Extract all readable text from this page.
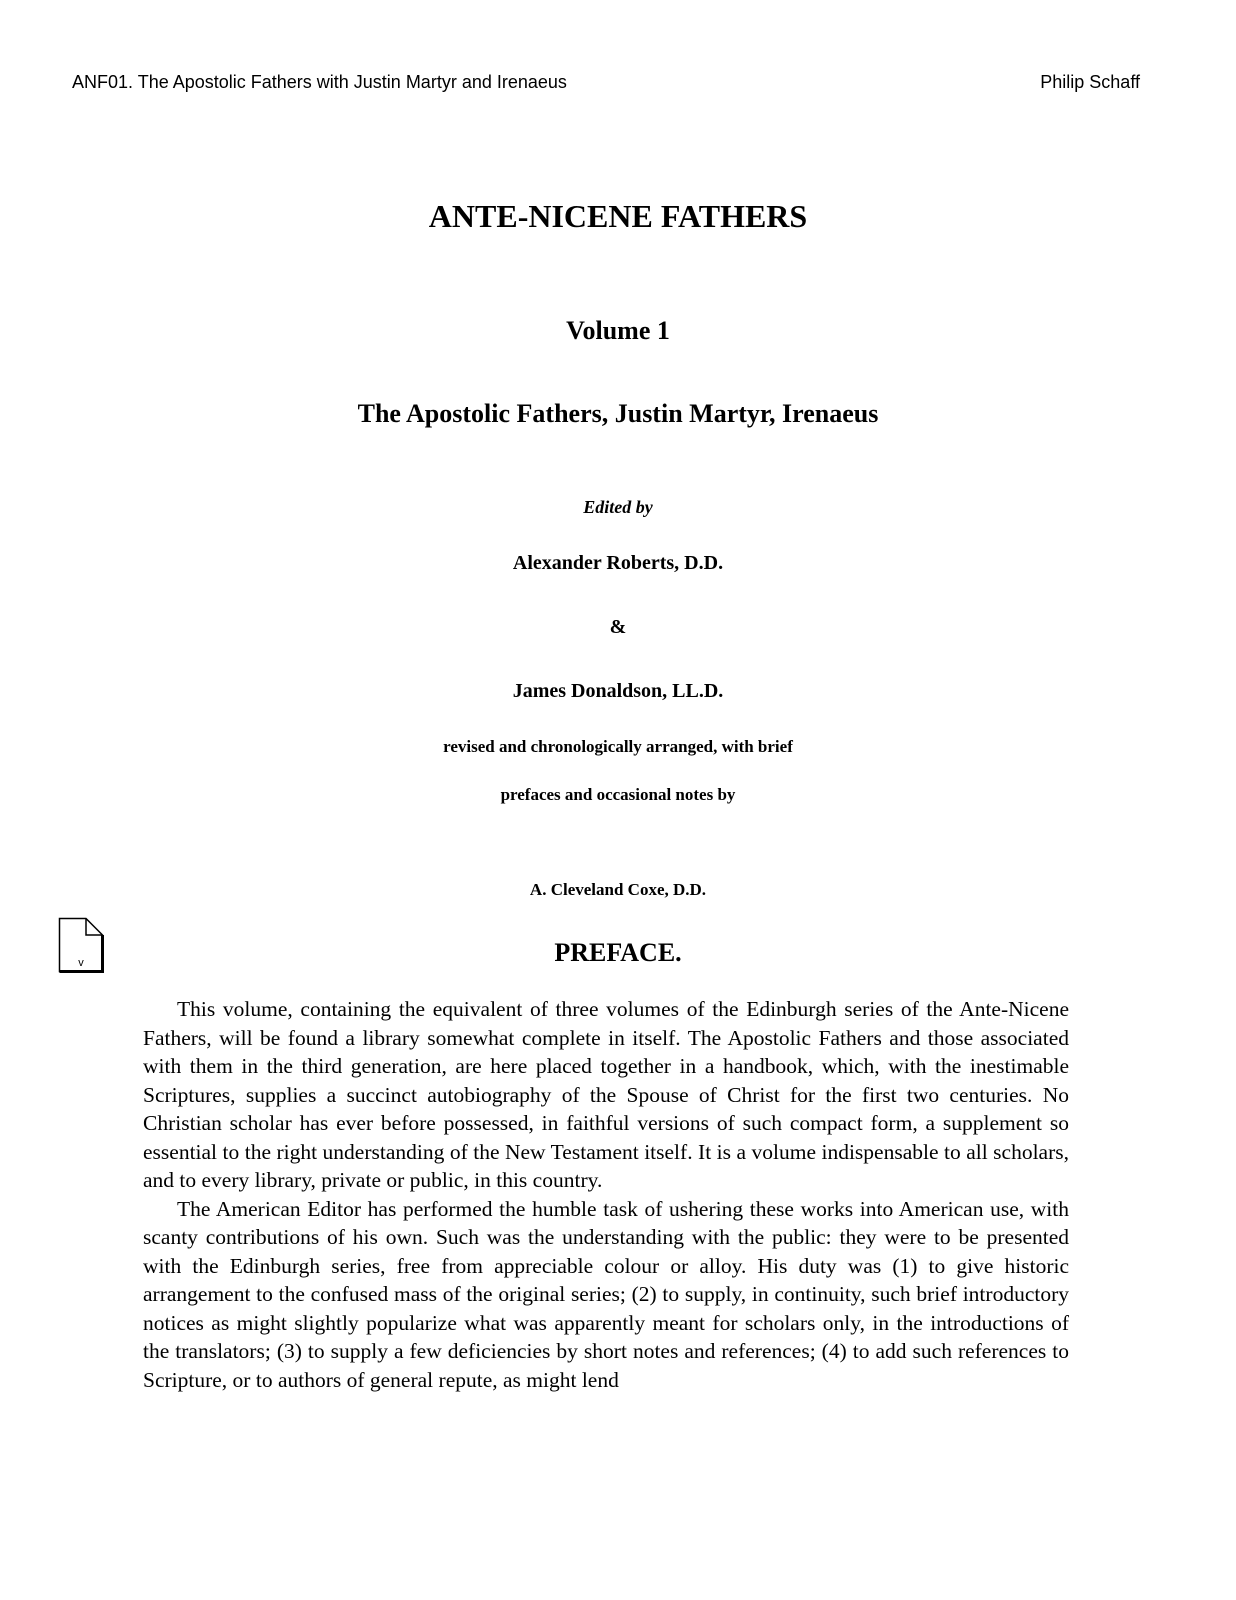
ANF01. The Apostolic Fathers with Justin Martyr and Irenaeus	Philip Schaff
ANTE-NICENE FATHERS
Volume 1
The Apostolic Fathers, Justin Martyr, Irenaeus
Edited by
Alexander Roberts, D.D.
&
James Donaldson, LL.D.
revised and chronologically arranged, with brief
prefaces and occasional notes by
A. Cleveland Coxe, D.D.
v	PREFACE.

This volume, containing the equivalent of three volumes of the Edinburgh series of the Ante-Nicene Fathers, will be found a library somewhat complete in itself. The Apostolic Fathers and those associated with them in the third generation, are here placed together in a handbook, which, with the inestimable Scriptures, supplies a succinct autobiography of the Spouse of Christ for the first two centuries. No Christian scholar has ever before possessed, in faithful versions of such compact form, a supplement so essential to the right understanding of the New Testament itself. It is a volume indispensable to all scholars, and to every library, private or public, in this country.

The American Editor has performed the humble task of ushering these works into American use, with scanty contributions of his own. Such was the understanding with the public: they were to be presented with the Edinburgh series, free from appreciable colour or alloy. His duty was (1) to give historic arrangement to the confused mass of the original series; (2) to supply, in continuity, such brief introductory notices as might slightly popularize what was apparently meant for scholars only, in the introductions of the translators; (3) to supply a few deficiencies by short notes and references; (4) to add such references to Scripture, or to authors of general repute, as might lend
